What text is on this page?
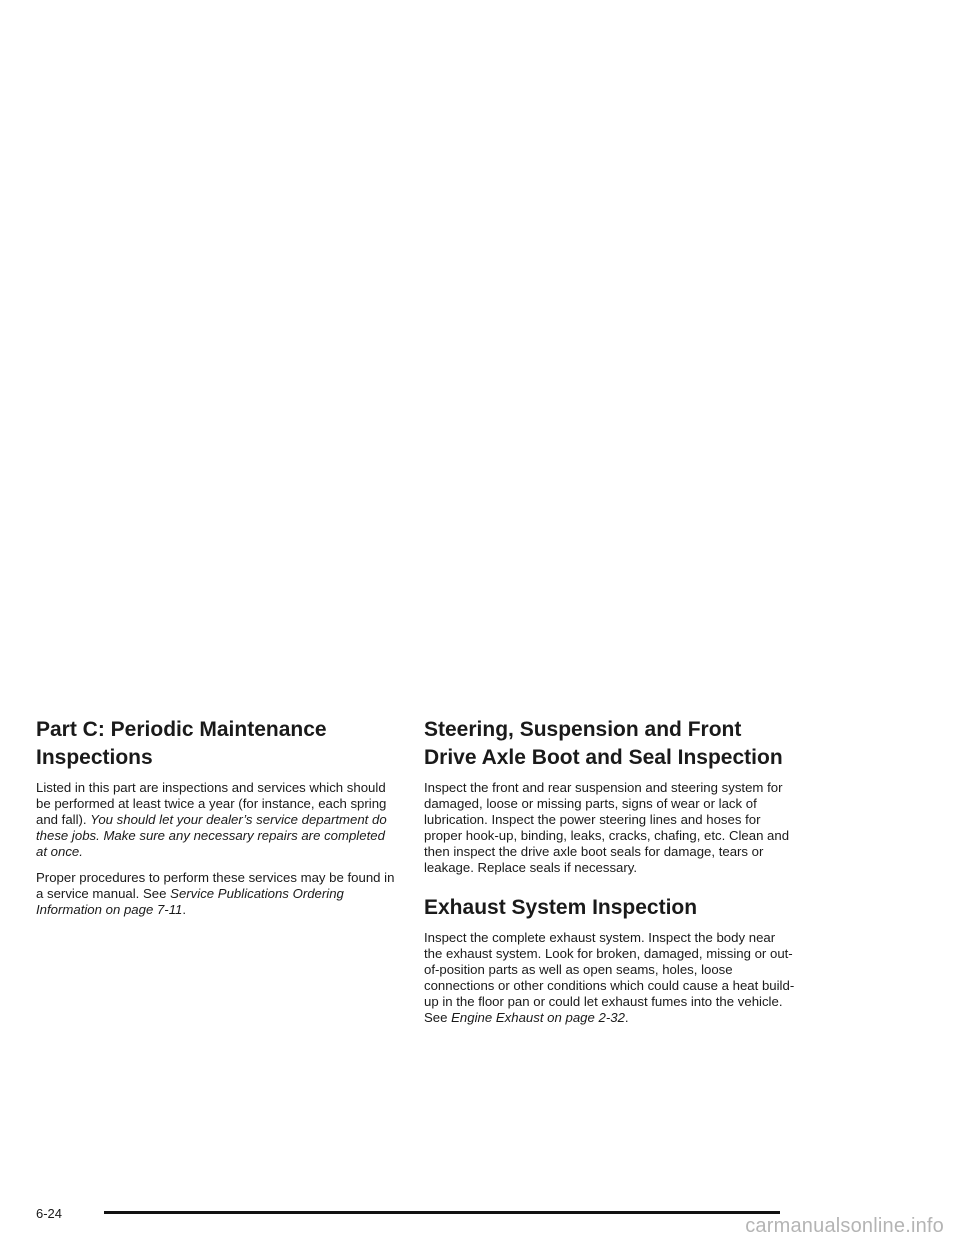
Part C: Periodic Maintenance Inspections

Listed in this part are inspections and services which should be performed at least twice a year (for instance, each spring and fall). You should let your dealer’s service department do these jobs. Make sure any necessary repairs are completed at once.

Proper procedures to perform these services may be found in a service manual. See Service Publications Ordering Information on page 7-11.

Steering, Suspension and Front Drive Axle Boot and Seal Inspection

Inspect the front and rear suspension and steering system for damaged, loose or missing parts, signs of wear or lack of lubrication. Inspect the power steering lines and hoses for proper hook-up, binding, leaks, cracks, chafing, etc. Clean and then inspect the drive axle boot seals for damage, tears or leakage. Replace seals if necessary.

Exhaust System Inspection

Inspect the complete exhaust system. Inspect the body near the exhaust system. Look for broken, damaged, missing or out-of-position parts as well as open seams, holes, loose connections or other conditions which could cause a heat build-up in the floor pan or could let exhaust fumes into the vehicle. See Engine Exhaust on page 2-32.

6-24
carmanualsonline.info
